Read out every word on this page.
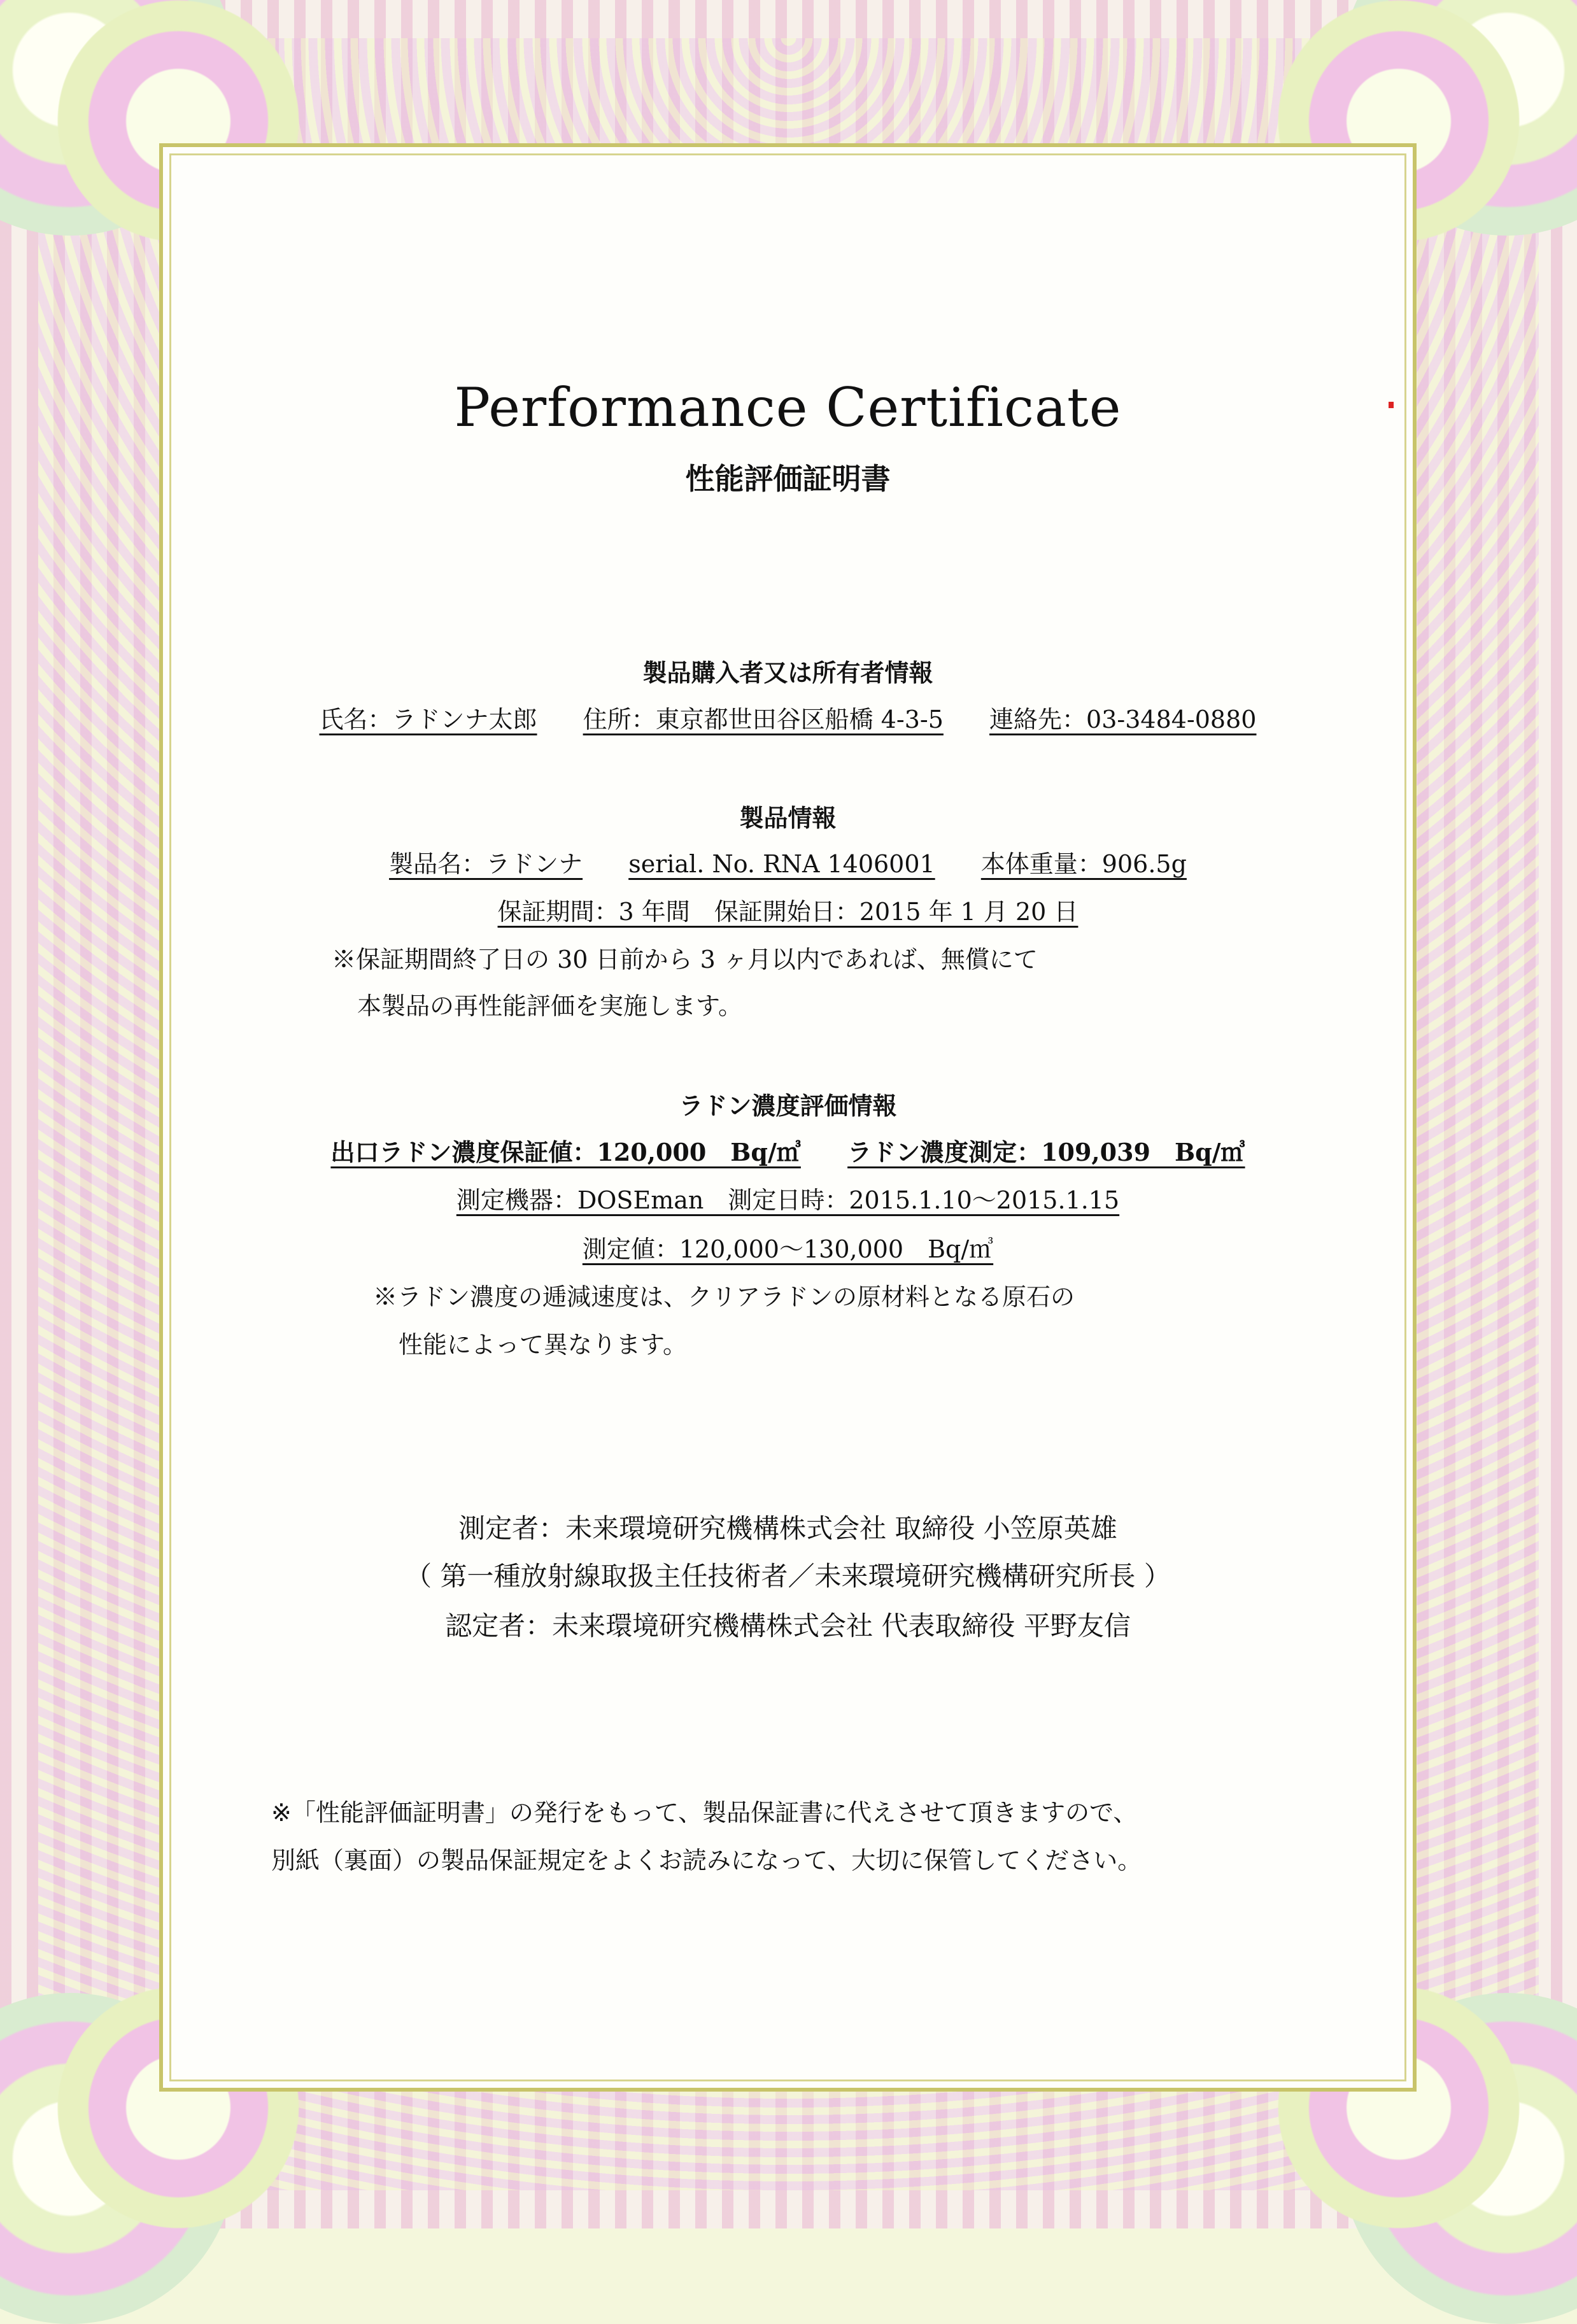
Performance Certificate
性能評価証明書
製品購入者又は所有者情報
氏名：ラドンナ太郎 住所：東京都世田谷区船橋 4-3-5 連絡先：03-3484-0880
製品情報
製品名：ラドンナ serial. No. RNA 1406001 本体重量：906.5g
保証期間：3 年間　保証開始日：2015 年 1 月 20 日
※保証期間終了日の 30 日前から 3 ヶ月以内であれば、無償にて
本製品の再性能評価を実施します。
ラドン濃度評価情報
出口ラドン濃度保証値：120,000　Bq/㎥ ラドン濃度測定：109,039　Bq/㎥
測定機器：DOSEman　測定日時：2015.1.10〜2015.1.15
測定値：120,000〜130,000　Bq/㎥
※ラドン濃度の逓減速度は、クリアラドンの原材料となる原石の
性能によって異なります。
測定者：未来環境研究機構株式会社 取締役 小笠原英雄
（ 第一種放射線取扱主任技術者／未来環境研究機構研究所長 ）
認定者：未来環境研究機構株式会社 代表取締役 平野友信
※「性能評価証明書」の発行をもって、製品保証書に代えさせて頂きますので、
別紙（裏面）の製品保証規定をよくお読みになって、大切に保管してください。
